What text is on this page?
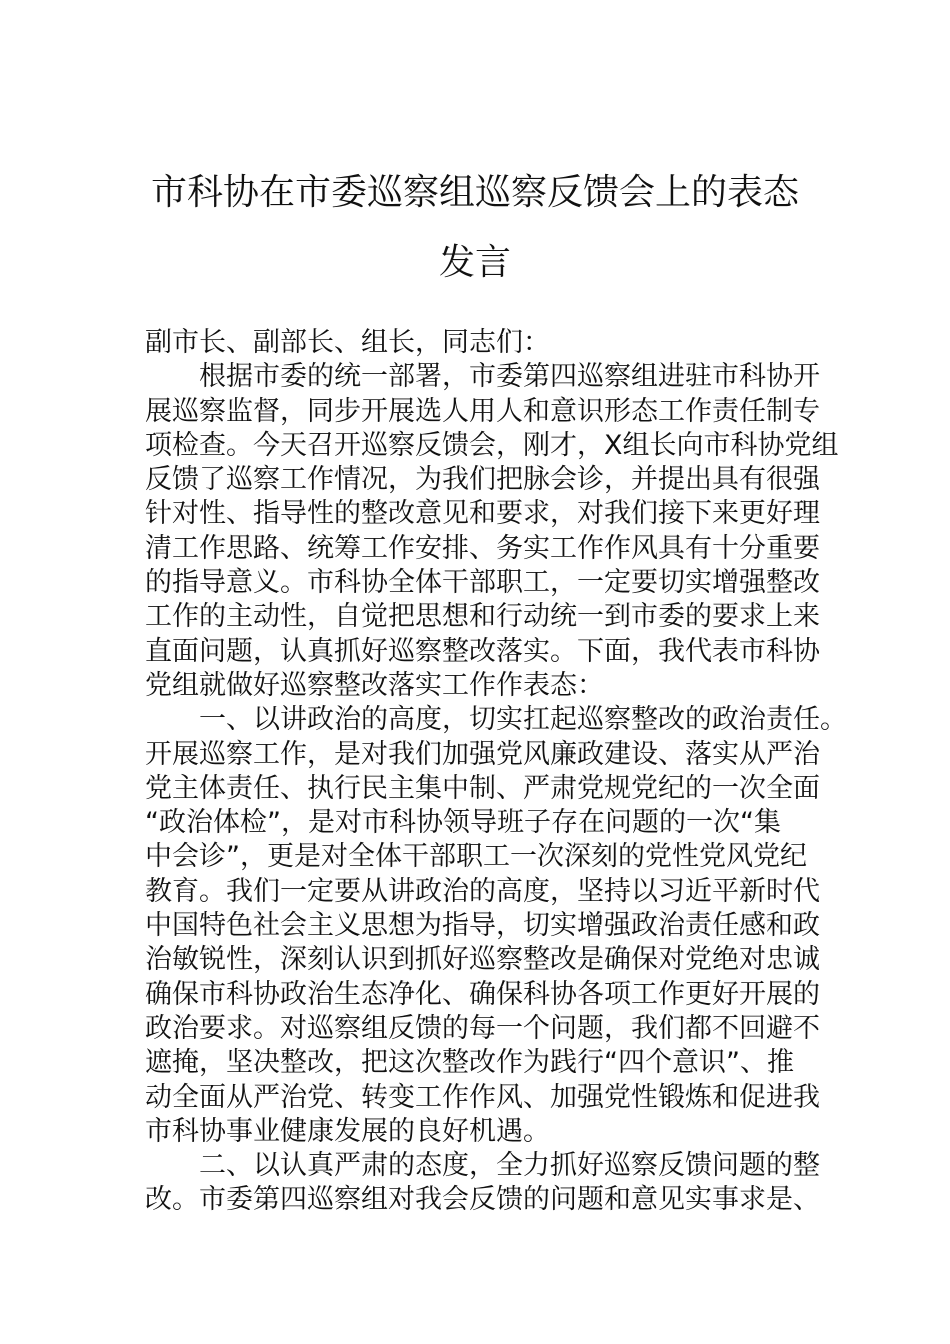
市科协在市委巡察组巡察反馈会上的表态发言
副市长、副部长、组长，同志们：
根据市委的统一部署，市委第四巡察组进驻市科协开
展巡察监督，同步开展选人用人和意识形态工作责任制专
项检查。今天召开巡察反馈会，刚才，X组长向市科协党组
反馈了巡察工作情况，为我们把脉会诊，并提出具有很强
针对性、指导性的整改意见和要求，对我们接下来更好理
清工作思路、统筹工作安排、务实工作作风具有十分重要
的指导意义。市科协全体干部职工，一定要切实增强整改
工作的主动性，自觉把思想和行动统一到市委的要求上来
直面问题，认真抓好巡察整改落实。下面，我代表市科协
党组就做好巡察整改落实工作作表态：
一、以讲政治的高度，切实扛起巡察整改的政治责任。
开展巡察工作，是对我们加强党风廉政建设、落实从严治
党主体责任、执行民主集中制、严肃党规党纪的一次全面
“政治体检”，是对市科协领导班子存在问题的一次“集
中会诊”，更是对全体干部职工一次深刻的党性党风党纪
教育。我们一定要从讲政治的高度，坚持以习近平新时代
中国特色社会主义思想为指导，切实增强政治责任感和政
治敏锐性，深刻认识到抓好巡察整改是确保对党绝对忠诚
确保市科协政治生态净化、确保科协各项工作更好开展的
政治要求。对巡察组反馈的每一个问题，我们都不回避不
遮掩，坚决整改，把这次整改作为践行“四个意识”、推
动全面从严治党、转变工作作风、加强党性锻炼和促进我
市科协事业健康发展的良好机遇。
二、以认真严肃的态度，全力抓好巡察反馈问题的整
改。市委第四巡察组对我会反馈的问题和意见实事求是、
